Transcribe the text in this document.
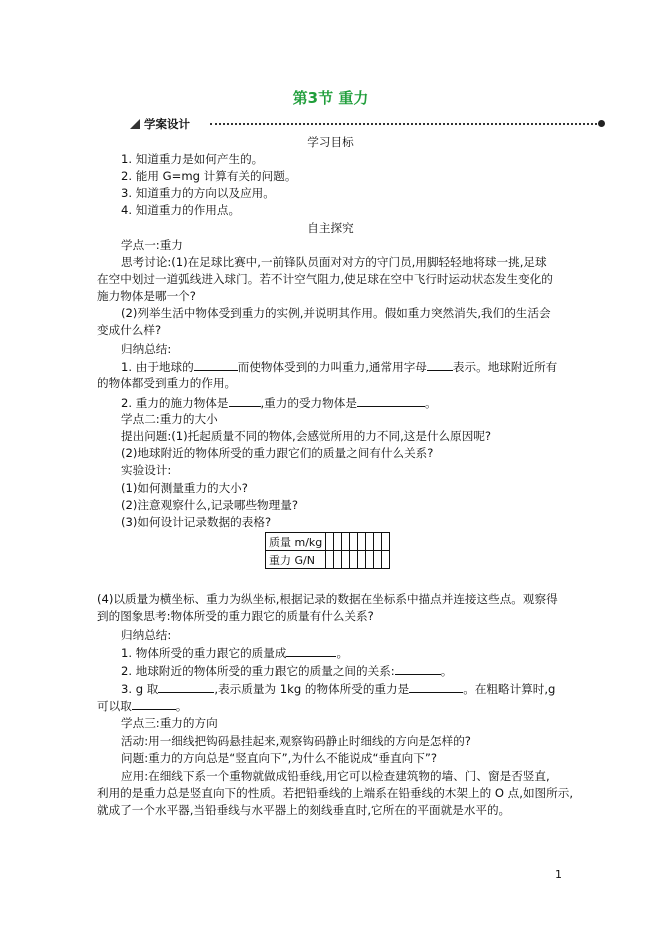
第3节 重力
学案设计
学习目标
1. 知道重力是如何产生的。
2. 能用 G=mg 计算有关的问题。
3. 知道重力的方向以及应用。
4. 知道重力的作用点。
自主探究
学点一:重力
思考讨论:(1)在足球比赛中,一前锋队员面对对方的守门员,用脚轻轻地将球一挑,足球
在空中划过一道弧线进入球门。若不计空气阻力,使足球在空中飞行时运动状态发生变化的
施力物体是哪一个?
(2)列举生活中物体受到重力的实例,并说明其作用。假如重力突然消失,我们的生活会
变成什么样?
归纳总结:
1. 由于地球的	而使物体受到的力叫重力,通常用字母 表示。地球附近所有
的物体都受到重力的作用。
2. 重力的施力物体是	,重力的受力物体是	。
学点二:重力的大小
提出问题:(1)托起质量不同的物体,会感觉所用的力不同,这是什么原因呢?
(2)地球附近的物体所受的重力跟它们的质量之间有什么关系?
实验设计:
(1)如何测量重力的大小?
(2)注意观察什么,记录哪些物理量?
(3)如何设计记录数据的表格?
质量 m/kg								
重力 G/N								
(4)以质量为横坐标、重力为纵坐标,根据记录的数据在坐标系中描点并连接这些点。观察得
到的图象思考:物体所受的重力跟它的质量有什么关系?
归纳总结:
1. 物体所受的重力跟它的质量成	。
2. 地球附近的物体所受的重力跟它的质量之间的关系:	。
3. g 取	,表示质量为 1kg 的物体所受的重力是	。在粗略计算时,g
可以取	。
学点三:重力的方向
活动:用一细线把钩码悬挂起来,观察钩码静止时细线的方向是怎样的?
问题:重力的方向总是“竖直向下”,为什么不能说成“垂直向下”?
应用:在细线下系一个重物就做成铅垂线,用它可以检查建筑物的墙、门、窗是否竖直,
利用的是重力总是竖直向下的性质。若把铅垂线的上端系在铅垂线的木架上的 O 点,如图所示,
就成了一个水平器,当铅垂线与水平器上的刻线垂直时,它所在的平面就是水平的。
1
